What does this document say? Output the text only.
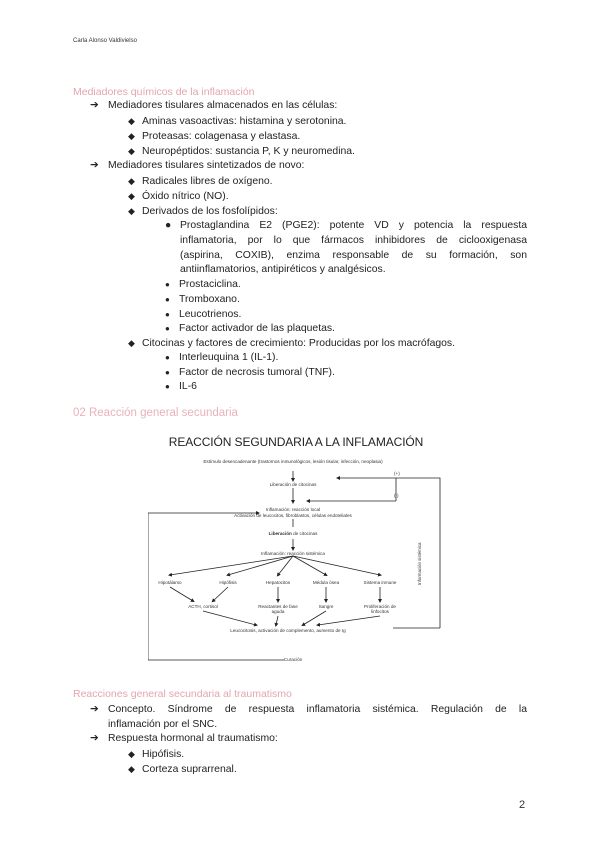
Carla Alonso Valdivielso
Mediadores químicos de la inflamación
➔ Mediadores tisulares almacenados en las células:
◆ Aminas vasoactivas: histamina y serotonina.
◆ Proteasas: colagenasa y elastasa.
◆ Neuropéptidos: sustancia P, K y neuromedina.
➔ Mediadores tisulares sintetizados de novo:
◆ Radicales libres de oxígeno.
◆ Óxido nítrico (NO).
◆ Derivados de los fosfolípidos:
● Prostaglandina E2 (PGE2): potente VD y potencia la respuesta
inflamatoria, por lo que fármacos inhibidores de ciclooxigenasa
(aspirina, COXIB), enzima responsable de su formación, son
antiinflamatorios, antipiréticos y analgésicos.
● Prostaciclina.
● Tromboxano.
● Leucotrienos.
● Factor activador de las plaquetas.
◆ Citocinas y factores de crecimiento: Producidas por los macrófagos.
● Interleuquina 1 (IL-1).
● Factor de necrosis tumoral (TNF).
● IL-6
02 Reacción general secundaria
REACCIÓN SEGUNDARIA A LA INFLAMACIÓN
Estímulo desencadenante (trastornos inmunológicos, lesión tisular, infección, neoplasia)
(+)
(-)
Liberación de citocinas
Inflamación: reacción local
Activación de leucocitos, fibroblastos, células endoteliales
Liberación de citocinas
Inflamación: reacción sistémica
Hipotálamo	Hipófisis	Hepatocitos	Médula ósea	Sistema inmune
ACTH, cortisol	Reactantes de fase aguda
Sangre	Proliferación de linfocitos
Leucocitosis, activación de complemento, aumento de Ig
Curación
Información sistémica
Reacciones general secundaria al traumatismo
➔ Concepto. Síndrome de respuesta inflamatoria sistémica. Regulación de la
inflamación por el SNC.
➔ Respuesta hormonal al traumatismo:
◆ Hipófisis.
◆ Corteza suprarrenal.
2
